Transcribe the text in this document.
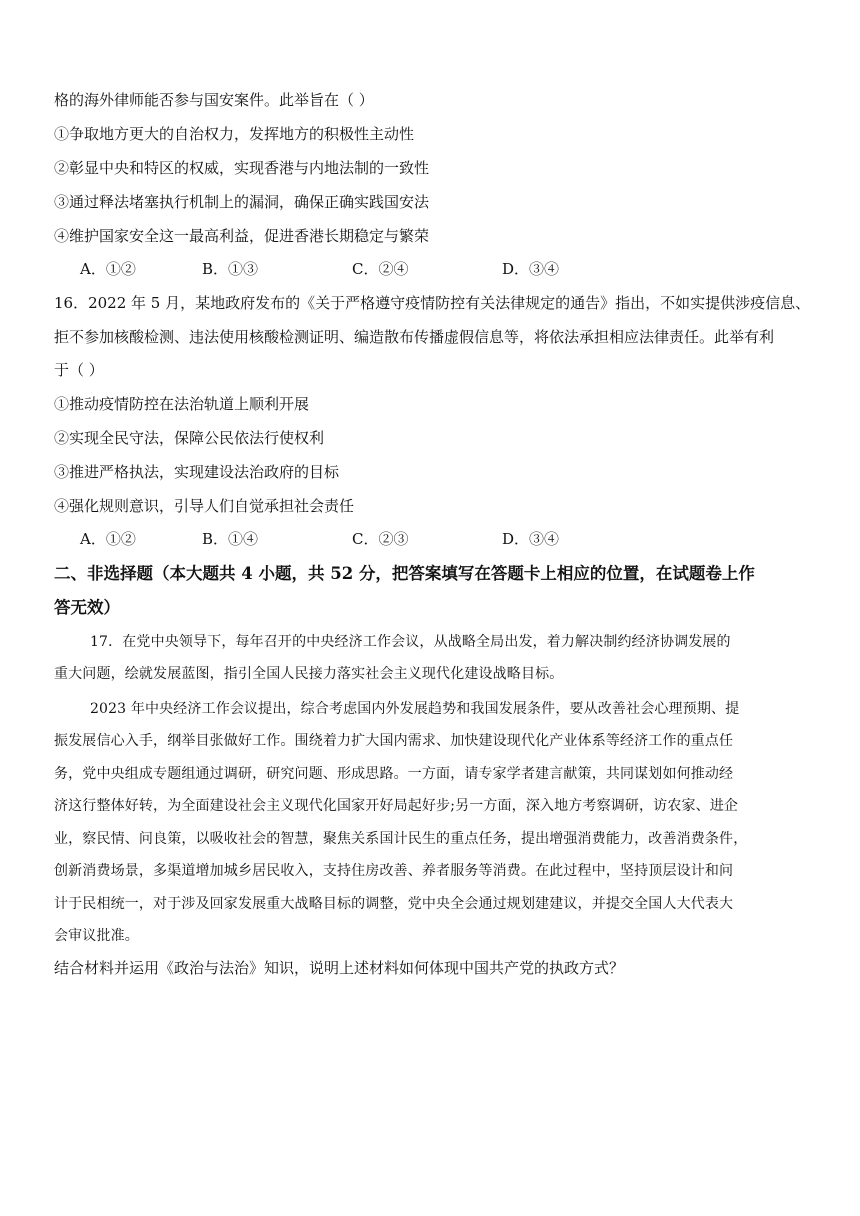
格的海外律师能否参与国安案件。此举旨在（ ）
①争取地方更大的自治权力，发挥地方的积极性主动性
②彰显中央和特区的权威，实现香港与内地法制的一致性
③通过释法堵塞执行机制上的漏洞，确保正确实践国安法
④维护国家安全这一最高利益，促进香港长期稳定与繁荣
A．①②	B．①③	C．②④	D．③④
16．2022 年 5 月，某地政府发布的《关于严格遵守疫情防控有关法律规定的通告》指出，不如实提供涉疫信息、
拒不参加核酸检测、违法使用核酸检测证明、编造散布传播虚假信息等，将依法承担相应法律责任。此举有利
于（ ）
①推动疫情防控在法治轨道上顺利开展
②实现全民守法，保障公民依法行使权利
③推进严格执法，实现建设法治政府的目标
④强化规则意识，引导人们自觉承担社会责任
A．①②	B．①④	C．②③	D．③④
二、非选择题（本大题共 4 小题，共 52 分，把答案填写在答题卡上相应的位置，在试题卷上作
答无效）
17．在党中央领导下，每年召开的中央经济工作会议，从战略全局出发，着力解决制约经济协调发展的
重大问题，绘就发展蓝图，指引全国人民接力落实社会主义现代化建设战略目标。
2023 年中央经济工作会议提出，综合考虑国内外发展趋势和我国发展条件，要从改善社会心理预期、提
振发展信心入手，纲举目张做好工作。围绕着力扩大国内需求、加快建设现代化产业体系等经济工作的重点任
务，党中央组成专题组通过调研，研究问题、形成思路。一方面，请专家学者建言献策，共同谋划如何推动经
济这行整体好转，为全面建设社会主义现代化国家开好局起好步;另一方面，深入地方考察调研，访农家、进企
业，察民情、问良策，以吸收社会的智慧，聚焦关系国计民生的重点任务，提出增强消费能力，改善消费条件，
创新消费场景，多渠道增加城乡居民收入，支持住房改善、养者服务等消费。在此过程中，坚持顶层设计和问
计于民相统一，对于涉及回家发展重大战略目标的调整，党中央全会通过规划建建议，并提交全国人大代表大
会审议批准。
结合材料并运用《政治与法治》知识，说明上述材料如何体现中国共产党的执政方式？
